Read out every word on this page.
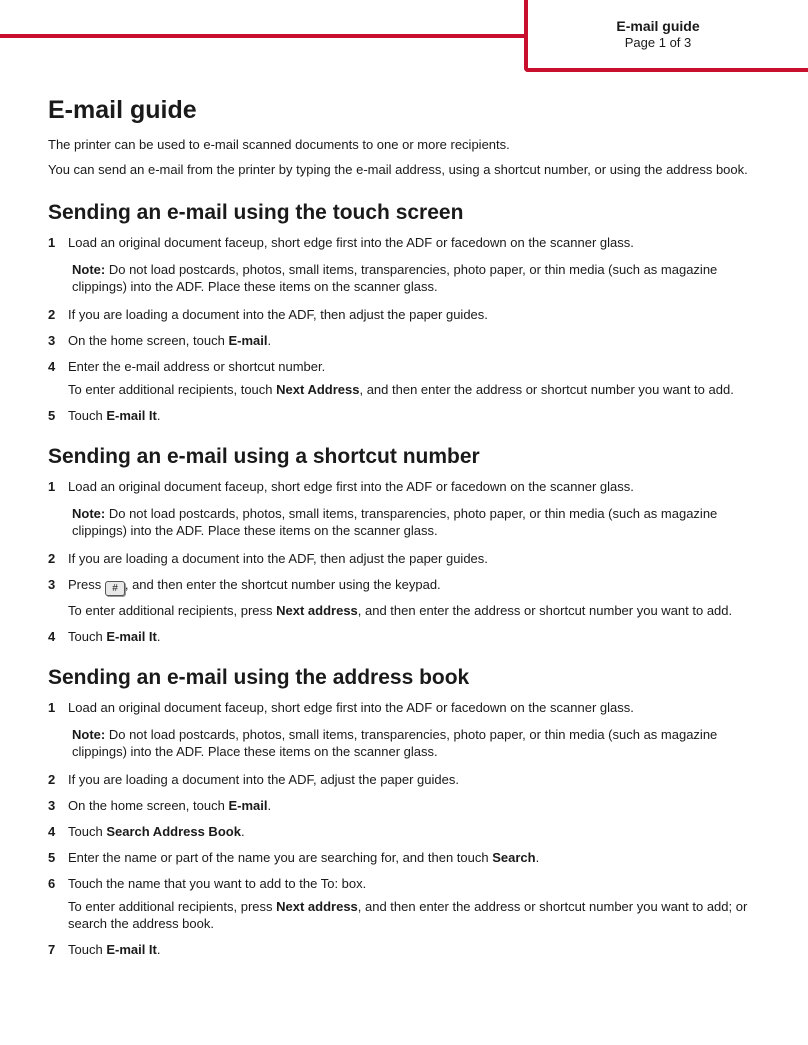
E-mail guide
Page 1 of 3
E-mail guide

The printer can be used to e-mail scanned documents to one or more recipients.

You can send an e-mail from the printer by typing the e-mail address, using a shortcut number, or using the address book.

Sending an e-mail using the touch screen
1 Load an original document faceup, short edge first into the ADF or facedown on the scanner glass.
Note: Do not load postcards, photos, small items, transparencies, photo paper, or thin media (such as magazine clippings) into the ADF. Place these items on the scanner glass.
2 If you are loading a document into the ADF, then adjust the paper guides.
3 On the home screen, touch E-mail.
4 Enter the e-mail address or shortcut number.
To enter additional recipients, touch Next Address, and then enter the address or shortcut number you want to add.
5 Touch E-mail It.
Sending an e-mail using a shortcut number
1 Load an original document faceup, short edge first into the ADF or facedown on the scanner glass.
Note: Do not load postcards, photos, small items, transparencies, photo paper, or thin media (such as magazine clippings) into the ADF. Place these items on the scanner glass.
2 If you are loading a document into the ADF, then adjust the paper guides.
3 Press # , and then enter the shortcut number using the keypad.
To enter additional recipients, press Next address, and then enter the address or shortcut number you want to add.
4 Touch E-mail It.
Sending an e-mail using the address book
1 Load an original document faceup, short edge first into the ADF or facedown on the scanner glass.
Note: Do not load postcards, photos, small items, transparencies, photo paper, or thin media (such as magazine clippings) into the ADF. Place these items on the scanner glass.
2 If you are loading a document into the ADF, adjust the paper guides.
3 On the home screen, touch E-mail.
4 Touch Search Address Book.
5 Enter the name or part of the name you are searching for, and then touch Search.
6 Touch the name that you want to add to the To: box.
To enter additional recipients, press Next address, and then enter the address or shortcut number you want to add; or search the address book.
7 Touch E-mail It.
